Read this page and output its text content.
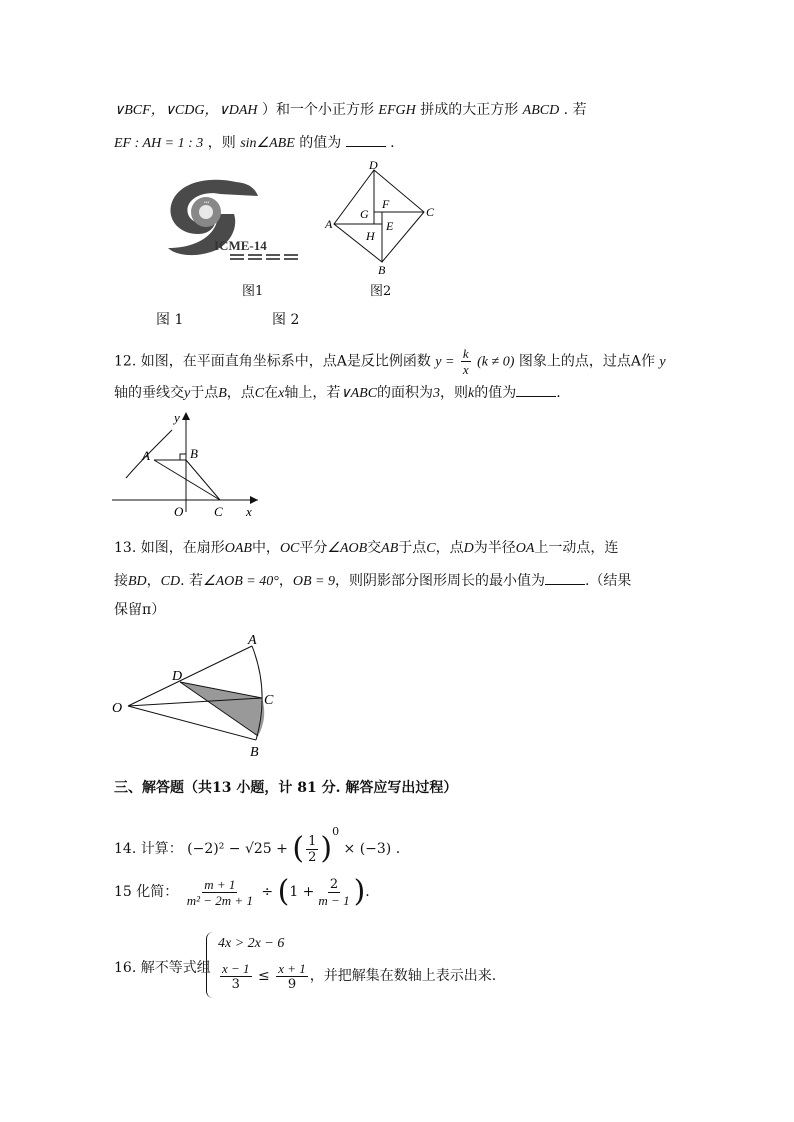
∨BCF，∨CDG，∨DAH ）和一个小正方形 EFGH 拼成的大正方形 ABCD . 若
EF : AH = 1 : 3 ，则 sin∠ABE 的值为	.
•••
ICME-14
D
C
B
A
G
F
E
H
图1	图2
图 1	图 2
12. 如图，在平面直角坐标系中，点A是反比例函数 $y = \frac{k}{x} (k \ne 0)$ 图象上的点，过点A作 y
轴的垂线交y于点B，点C在x轴上，若∨ABC的面积为3，则k的值为	.
y
x
A	B
O C
13. 如图，在扇形OAB中，OC平分∠AOB交AB于点C，点D为半径OA上一动点，连
接BD，CD. 若∠AOB = 40°，OB = 9，则阴影部分图形周长的最小值为	.（结果
保留π）
A
D
C
O
B
三、解答题（共13 小题，计 81 分. 解答应写出过程）
14. 计算： (−2)² − √25 + ( $\frac{1}{2} )^0 \times (-3)$ .
15 化简： $\frac{m + 1}{\text{m² − 2m + 1}} \div (1 + \frac{2}{m - 1}$ ).
16. 解不等式组
4x > 2x − 6
$\frac{x - 1}{3} \le \frac{x + 1}{9}$ ，并把解集在数轴上表示出来.
